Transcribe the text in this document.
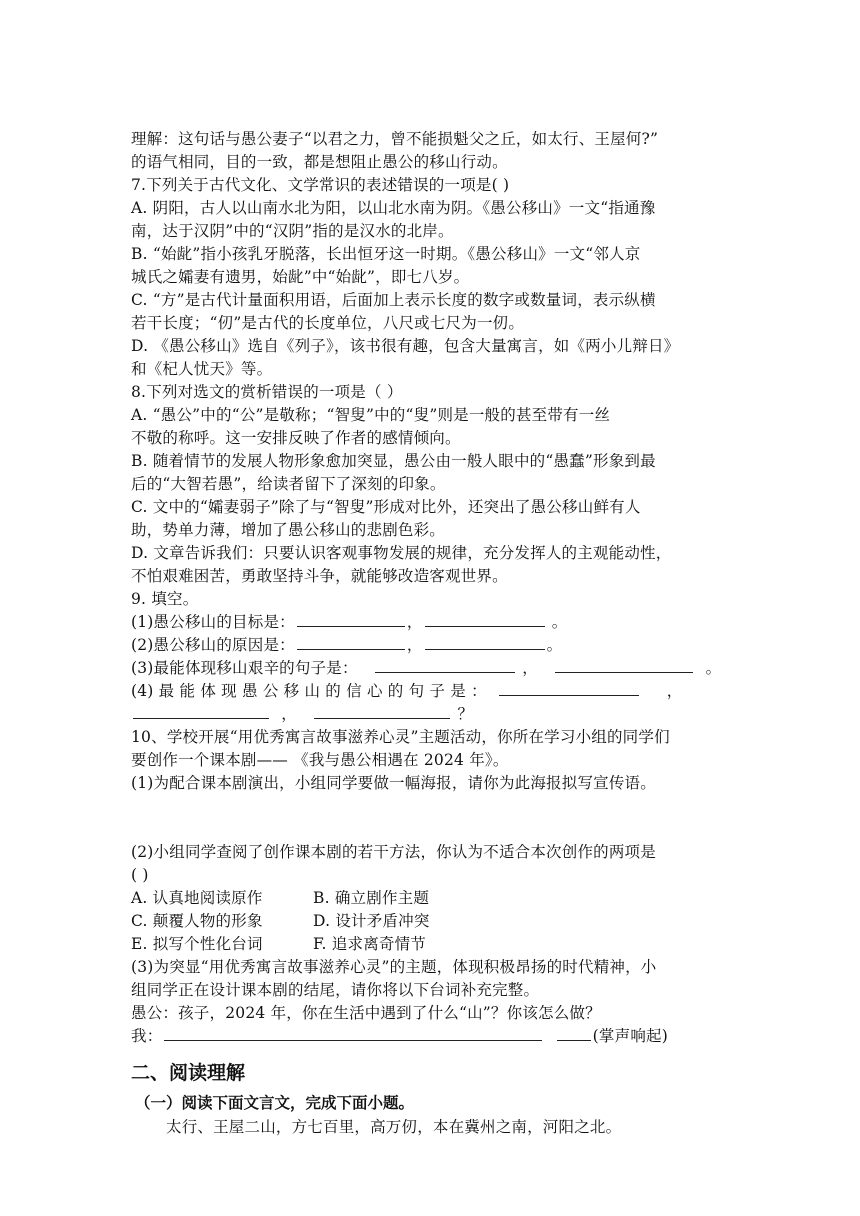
理解：这句话与愚公妻子“以君之力，曾不能损魁父之丘，如太行、王屋何?”
的语气相同，目的一致，都是想阻止愚公的移山行动。
7.下列关于古代文化、文学常识的表述错误的一项是( )
A. 阴阳，古人以山南水北为阳，以山北水南为阴。《愚公移山》一文“指通豫
南，达于汉阴”中的“汉阴”指的是汉水的北岸。
B. “始龀”指小孩乳牙脱落，长出恒牙这一时期。《愚公移山》一文“邻人京
城氏之孀妻有遗男，始龀”中“始龀”，即七八岁。
C. “方”是古代计量面积用语，后面加上表示长度的数字或数量词，表示纵横
若干长度；“仞”是古代的长度单位，八尺或七尺为一仞。
D. 《愚公移山》选自《列子》，该书很有趣，包含大量寓言，如《两小儿辩日》
和《杞人忧天》等。
8.下列对选文的赏析错误的一项是（ ）
A. “愚公”中的“公”是敬称；“智叟”中的“叟”则是一般的甚至带有一丝
不敬的称呼。这一安排反映了作者的感情倾向。
B. 随着情节的发展人物形象愈加突显，愚公由一般人眼中的“愚蠢”形象到最
后的“大智若愚”，给读者留下了深刻的印象。
C. 文中的“孀妻弱子”除了与“智叟”形成对比外，还突出了愚公移山鲜有人
助，势单力薄，增加了愚公移山的悲剧色彩。
D. 文章告诉我们：只要认识客观事物发展的规律，充分发挥人的主观能动性，
不怕艰难困苦，勇敢坚持斗争，就能够改造客观世界。
9. 填空。
(1)愚公移山的目标是：	，	。
(2)愚公移山的原因是：	，	。
(3)最能体现移山艰辛的句子是：	，	。
(4) 最 能 体 现 愚 公 移 山 的 信 心 的 句 子 是 ：	，
，	？
10、学校开展“用优秀寓言故事滋养心灵”主题活动，你所在学习小组的同学们
要创作一个课本剧—— 《我与愚公相遇在 2024 年》。
(1)为配合课本剧演出，小组同学要做一幅海报，请你为此海报拟写宣传语。
(2)小组同学查阅了创作课本剧的若干方法，你认为不适合本次创作的两项是
( )
A. 认真地阅读原作	B. 确立剧作主题
C. 颠覆人物的形象	D. 设计矛盾冲突
E. 拟写个性化台词	F. 追求离奇情节
(3)为突显“用优秀寓言故事滋养心灵”的主题，体现积极昂扬的时代精神，小
组同学正在设计课本剧的结尾，请你将以下台词补充完整。
愚公：孩子，2024 年，你在生活中遇到了什么“山”？你该怎么做？
我：	(掌声响起)
二、阅读理解
（一）阅读下面文言文，完成下面小题。
太行、王屋二山，方七百里，高万仞，本在冀州之南，河阳之北。
